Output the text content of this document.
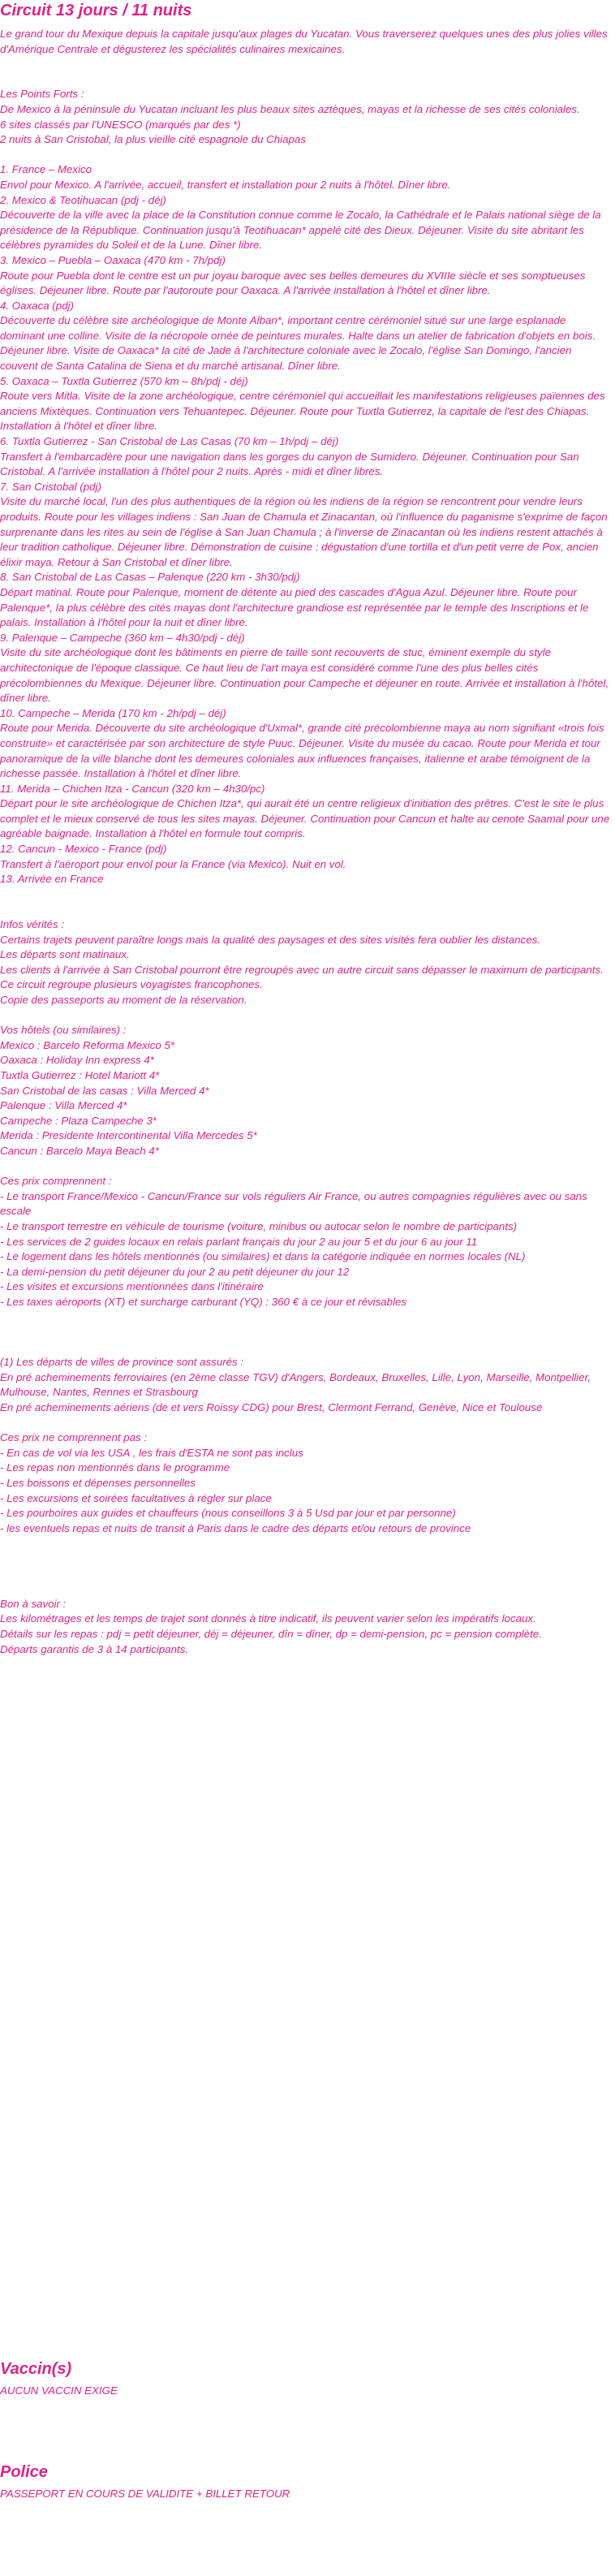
Circuit 13 jours / 11 nuits

Le grand tour du Mexique depuis la capitale jusqu'aux plages du Yucatan. Vous traverserez quelques unes des plus jolies villes d'Amérique Centrale et dégusterez les spécialités culinaires mexicaines.

Les Points Forts :

De Mexico à la péninsule du Yucatan incluant les plus beaux sites aztèques, mayas et la richesse de ses cités coloniales.

6 sites classés par l'UNESCO (marqués par des *)

2 nuits à San Cristobal, la plus vieille cité espagnole du Chiapas

1. France – Mexico

Envol pour Mexico. A l'arrivée, accueil, transfert et installation pour 2 nuits à l'hôtel. Dîner libre.

2. Mexico & Teotihuacan (pdj - déj)

Découverte de la ville avec la place de la Constitution connue comme le Zocalo, la Cathédrale et le Palais national siège de la présidence de la République. Continuation jusqu'à Teotihuacan* appelé cité des Dieux. Déjeuner. Visite du site abritant les célèbres pyramides du Soleil et de la Lune. Dîner libre.

3. Mexico – Puebla – Oaxaca (470 km - 7h/pdj)

Route pour Puebla dont le centre est un pur joyau baroque avec ses belles demeures du XVIIIe siècle et ses somptueuses églises. Déjeuner libre. Route par l'autoroute pour Oaxaca. A l'arrivée installation à l'hôtel et dîner libre.

4. Oaxaca (pdj)

Découverte du célèbre site archéologique de Monte Alban*, important centre cérémoniel situé sur une large esplanade dominant une colline. Visite de la nécropole ornée de peintures murales. Halte dans un atelier de fabrication d'objets en bois. Déjeuner libre. Visite de Oaxaca* la cité de Jade à l'architecture coloniale avec le Zocalo, l'église San Domingo, l'ancien couvent de Santa Catalina de Siena et du marché artisanal. Dîner libre.

5. Oaxaca – Tuxtla Gutierrez (570 km – 8h/pdj - déj)

Route vers Mitla. Visite de la zone archéologique, centre cérémoniel qui accueillait les manifestations religieuses païennes des anciens Mixtèques. Continuation vers Tehuantepec. Déjeuner. Route pour Tuxtla Gutierrez, la capitale de l'est des Chiapas. Installation à l'hôtel et dîner libre.

6. Tuxtla Gutierrez - San Cristobal de Las Casas (70 km – 1h/pdj – déj)

Transfert à l'embarcadère pour une navigation dans les gorges du canyon de Sumidero. Déjeuner. Continuation pour San Cristobal. A l'arrivée installation à l'hôtel pour 2 nuits. Après - midi et dîner libres.

7. San Cristobal (pdj)

Visite du marché local, l'un des plus authentiques de la région où les indiens de la région se rencontrent pour vendre leurs produits. Route pour les villages indiens : San Juan de Chamula et Zinacantan, où l'influence du paganisme s'exprime de façon surprenante dans les rites au sein de l'église à San Juan Chamula ; à l'inverse de Zinacantan où les indiens restent attachés à leur tradition catholique. Déjeuner libre. Démonstration de cuisine : dégustation d'une tortilla et d'un petit verre de Pox, ancien élixir maya. Retour à San Cristobal et dîner libre.

8. San Cristobal de Las Casas – Palenque (220 km - 3h30/pdj)

Départ matinal. Route pour Palenque, moment de détente au pied des cascades d'Agua Azul. Déjeuner libre. Route pour Palenque*, la plus célèbre des cités mayas dont l'architecture grandiose est représentée par le temple des Inscriptions et le palais. Installation à l'hôtel pour la nuit et dîner libre.

9. Palenque – Campeche (360 km – 4h30/pdj - déj)

Visite du site archéologique dont les bâtiments en pierre de taille sont recouverts de stuc, éminent exemple du style architectonique de l'époque classique. Ce haut lieu de l'art maya est considéré comme l'une des plus belles cités précolombiennes du Mexique. Déjeuner libre. Continuation pour Campeche et déjeuner en route. Arrivée et installation à l'hôtel, dîner libre.

10. Campeche – Merida (170 km - 2h/pdj – déj)

Route pour Merida. Découverte du site archéologique d'Uxmal*, grande cité précolombienne maya au nom signifiant «trois fois construite» et caractérisée par son architecture de style Puuc. Déjeuner. Visite du musée du cacao. Route pour Merida et tour panoramique de la ville blanche dont les demeures coloniales aux influences françaises, italienne et arabe témoignent de la richesse passée. Installation à l'hôtel et dîner libre.

11. Merida – Chichen Itza - Cancun (320 km – 4h30/pc)

Départ pour le site archéologique de Chichen Itza*, qui aurait été un centre religieux d'initiation des prêtres. C'est le site le plus complet et le mieux conservé de tous les sites mayas. Déjeuner. Continuation pour Cancun et halte au cenote Saamal pour une agréable baignade. Installation à l'hôtel en formule tout compris.

12. Cancun - Mexico - France (pdj)

Transfert à l'aéroport pour envol pour la France (via Mexico). Nuit en vol.

13. Arrivée en France

Infos vérités :

Certains trajets peuvent paraître longs mais la qualité des paysages et des sites visités fera oublier les distances.

Les départs sont matinaux.

Les clients à l'arrivée à San Cristobal pourront être regroupés avec un autre circuit sans dépasser le maximum de participants. Ce circuit regroupe plusieurs voyagistes francophones.

Copie des passeports au moment de la réservation.

Vos hôtels (ou similaires) :

Mexico : Barcelo Reforma Mexico 5*

Oaxaca : Holiday Inn express 4*

Tuxtla Gutierrez : Hotel Mariott 4*

San Cristobal de las casas : Villa Merced 4*

Palenque : Villa Merced 4*

Campeche : Plaza Campeche 3*

Merida : Presidente Intercontinental Villa Mercedes 5*

Cancun : Barcelo Maya Beach 4*

Ces prix comprennent :

- Le transport France/Mexico - Cancun/France sur vols réguliers Air France, ou autres compagnies régulières avec ou sans escale

- Le transport terrestre en véhicule de tourisme (voiture, minibus ou autocar selon le nombre de participants)

- Les services de 2 guides locaux en relais parlant français du jour 2 au jour 5 et du jour 6 au jour 11

- Le logement dans les hôtels mentionnés (ou similaires) et dans la catégorie indiquée en normes locales (NL)

- La demi-pension du petit déjeuner du jour 2 au petit déjeuner du jour 12

- Les visites et excursions mentionnées dans l'itinéraire

- Les taxes aéroports (XT) et surcharge carburant (YQ) : 360 € à ce jour et révisables

(1) Les départs de villes de province sont assurés :

En pré acheminements ferroviaires (en 2ème classe TGV) d'Angers, Bordeaux, Bruxelles, Lille, Lyon, Marseille, Montpellier, Mulhouse, Nantes, Rennes et Strasbourg

En pré acheminements aériens (de et vers Roissy CDG) pour Brest, Clermont Ferrand, Genève, Nice et Toulouse

Ces prix ne comprennent pas :

- En cas de vol via les USA , les frais d'ESTA ne sont pas inclus

- Les repas non mentionnés dans le programme

- Les boissons et dépenses personnelles

- Les excursions et soirées facultatives à régler sur place

- Les pourboires aux guides et chauffeurs (nous conseillons 3 à 5 Usd par jour et par personne)

- les eventuels repas et nuits de transit à Paris dans le cadre des départs et/ou retours de province

Bon à savoir :

Les kilométrages et les temps de trajet sont donnés à titre indicatif, ils peuvent varier selon les impératifs locaux.

Détails sur les repas : pdj = petit déjeuner, déj = déjeuner, dîn = dîner, dp = demi-pension, pc = pension complète.

Départs garantis de 3 à 14 participants.

Vaccin(s)

AUCUN VACCIN EXIGE

Police

PASSEPORT EN COURS DE VALIDITE + BILLET RETOUR
